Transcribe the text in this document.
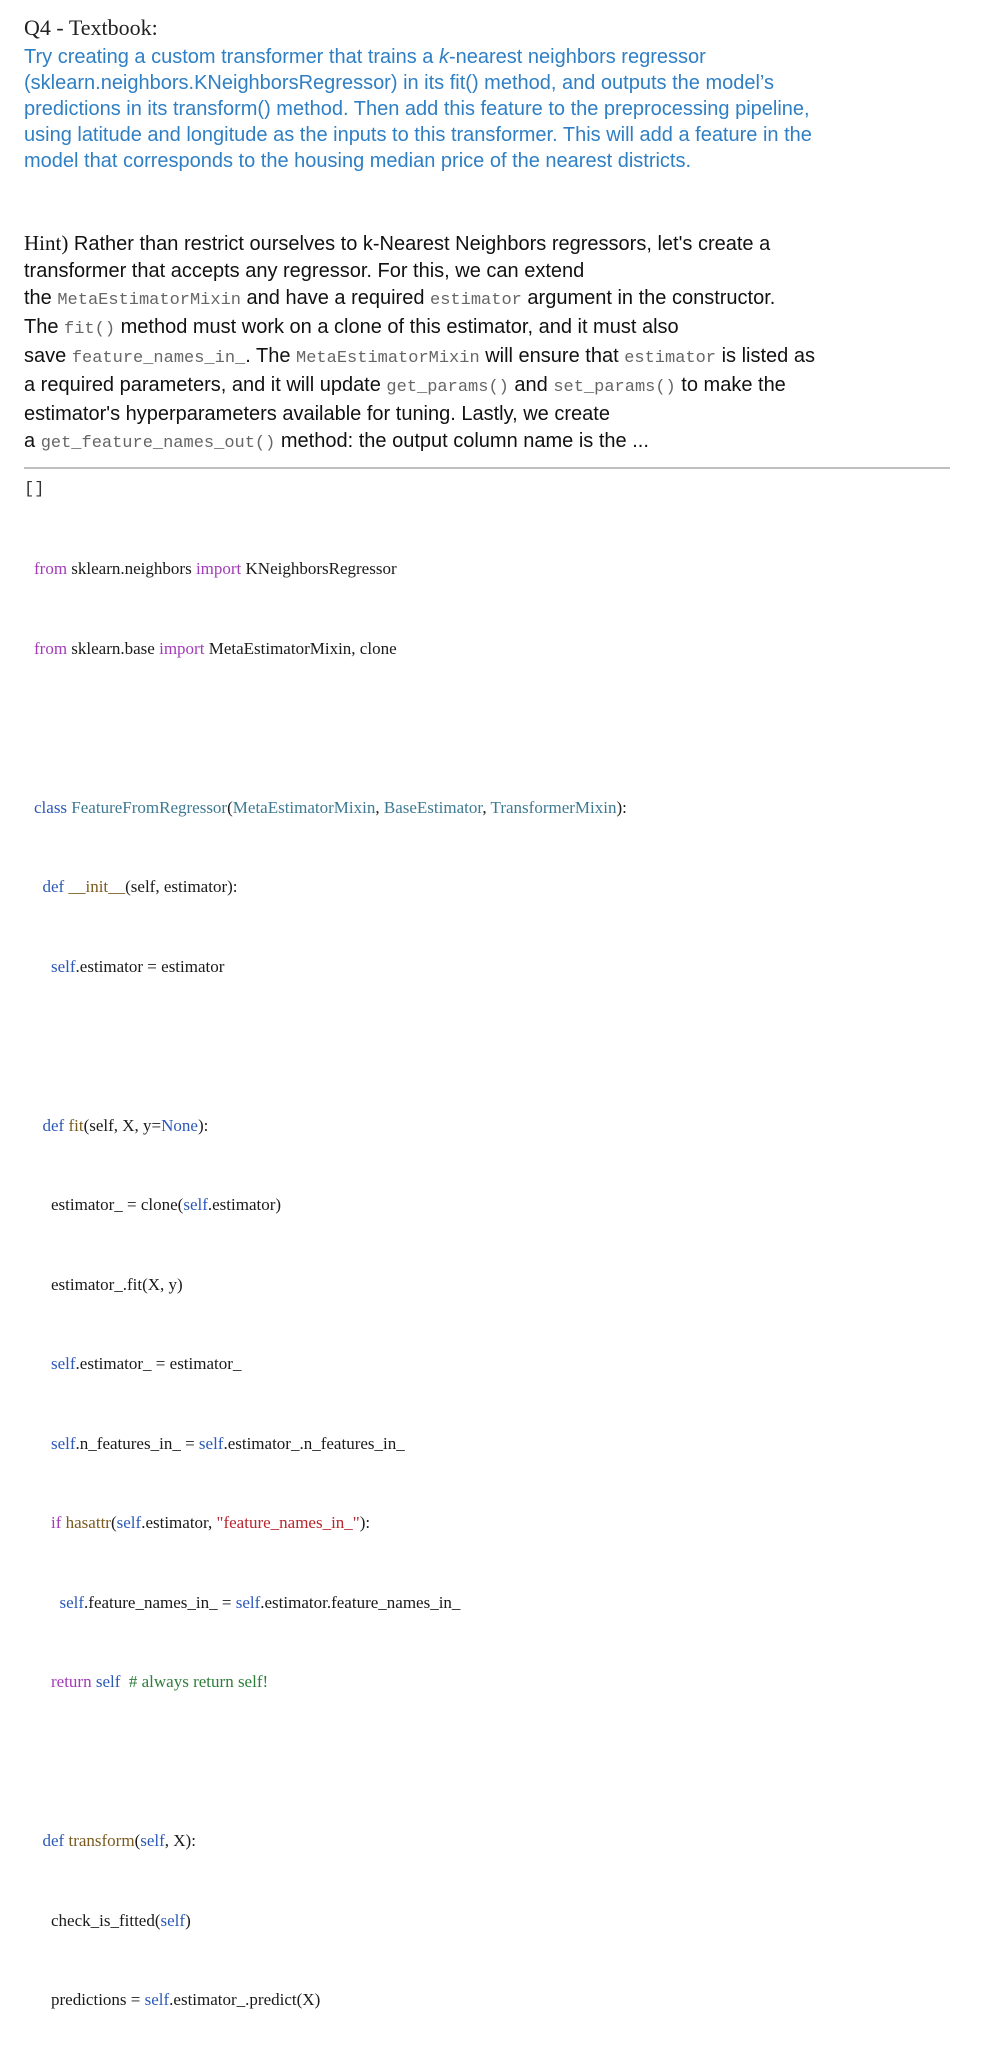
Q4 - Textbook:
Try creating a custom transformer that trains a k-nearest neighbors regressor
(sklearn.neighbors.KNeighborsRegressor) in its fit() method, and outputs the model’s
predictions in its transform() method. Then add this feature to the preprocessing pipeline,
using latitude and longitude as the inputs to this transformer. This will add a feature in the
model that corresponds to the housing median price of the nearest districts.
Hint) Rather than restrict ourselves to k-Nearest Neighbors regressors, let's create a
transformer that accepts any regressor. For this, we can extend
the MetaEstimatorMixin and have a required estimator argument in the constructor.
The fit() method must work on a clone of this estimator, and it must also
save feature_names_in_. The MetaEstimatorMixin will ensure that estimator is listed as
a required parameters, and it will update get_params() and set_params() to make the
estimator's hyperparameters available for tuning. Lastly, we create
a get_feature_names_out() method: the output column name is the ...
[]

from sklearn.neighbors import KNeighborsRegressor

from sklearn.base import MetaEstimatorMixin, clone

class FeatureFromRegressor(MetaEstimatorMixin, BaseEstimator, TransformerMixin):

def __init__(self, estimator):

self.estimator = estimator

def fit(self, X, y=None):

estimator_ = clone(self.estimator)

estimator_.fit(X, y)

self.estimator_ = estimator_

self.n_features_in_ = self.estimator_.n_features_in_

if hasattr(self.estimator, "feature_names_in_"):

self.feature_names_in_ = self.estimator.feature_names_in_

return self  # always return self!

def transform(self, X):

check_is_fitted(self)

predictions = self.estimator_.predict(X)
